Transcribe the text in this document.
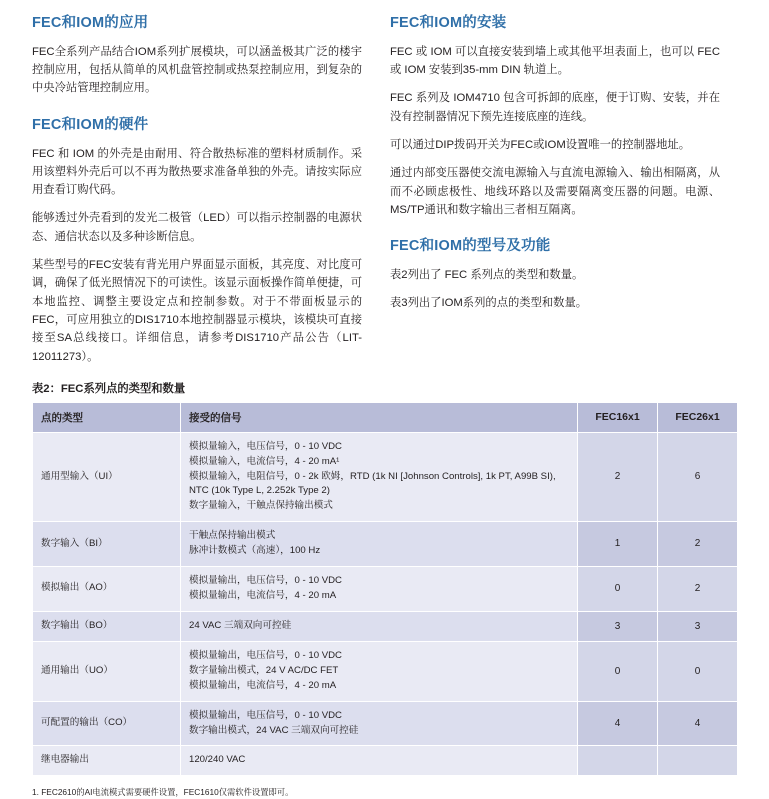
FEC和IOM的应用

FEC全系列产品结合IOM系列扩展模块，可以涵盖极其广泛的楼宇控制应用，包括从简单的风机盘管控制或热泵控制应用，到复杂的中央冷站管理控制应用。

FEC和IOM的硬件

FEC 和 IOM 的外壳是由耐用、符合散热标准的塑料材质制作。采用该塑料外壳后可以不再为散热要求准备单独的外壳。请按实际应用查看订购代码。

能够透过外壳看到的发光二极管（LED）可以指示控制器的电源状态、通信状态以及多种诊断信息。

某些型号的FEC安装有背光用户界面显示面板，其亮度、对比度可调，确保了低光照情况下的可读性。该显示面板操作简单便捷，可本地监控、调整主要设定点和控制参数。对于不带面板显示的FEC，可应用独立的DIS1710本地控制器显示模块，该模块可直接接至SA总线接口。详细信息，请参考DIS1710产品公告（LIT-12011273）。

FEC和IOM的安装

FEC 或 IOM 可以直接安装到墙上或其他平坦表面上，也可以 FEC 或 IOM 安装到35-mm DIN 轨道上。

FEC 系列及 IOM4710 包含可拆卸的底座，便于订购、安装，并在没有控制器情况下预先连接底座的连线。

可以通过DIP拨码开关为FEC或IOM设置唯一的控制器地址。

通过内部变压器使交流电源输入与直流电源输入、输出相隔离，从而不必顾虑极性、地线环路以及需要隔离变压器的问题。电源、MS/TP通讯和数字输出三者相互隔离。

FEC和IOM的型号及功能

表2列出了 FEC 系列点的类型和数量。

表3列出了IOM系列的点的类型和数量。

表2：FEC系列点的类型和数量
点的类型	接受的信号	FEC16x1	FEC26x1
通用型输入（UI）	模拟量输入，电压信号，0 - 10 VDC
模拟量输入，电流信号，4 - 20 mA¹
模拟量输入，电阻信号，0 - 2k 欧姆，RTD (1k NI [Johnson Controls], 1k PT, A99B SI), NTC (10k Type L, 2.252k Type 2)
数字量输入，干触点保持输出模式	2	6
数字输入（BI）	干触点保持输出模式
脉冲计数模式（高速），100 Hz	1	2
模拟输出（AO）	模拟量输出，电压信号，0 - 10 VDC
模拟量输出，电流信号，4 - 20 mA	0	2
数字输出（BO）	24 VAC 三端双向可控硅	3	3
通用输出（UO）	模拟量输出，电压信号，0 - 10 VDC
数字量输出模式，24 V AC/DC FET
模拟量输出，电流信号，4 - 20 mA	0	0
可配置的输出（CO）	模拟量输出，电压信号，0 - 10 VDC
数字输出模式，24 VAC 三端双向可控硅	4	4
继电器输出	120/240 VAC		

1. FEC2610的AI电流模式需要硬件设置，FEC1610仅需软件设置即可。
